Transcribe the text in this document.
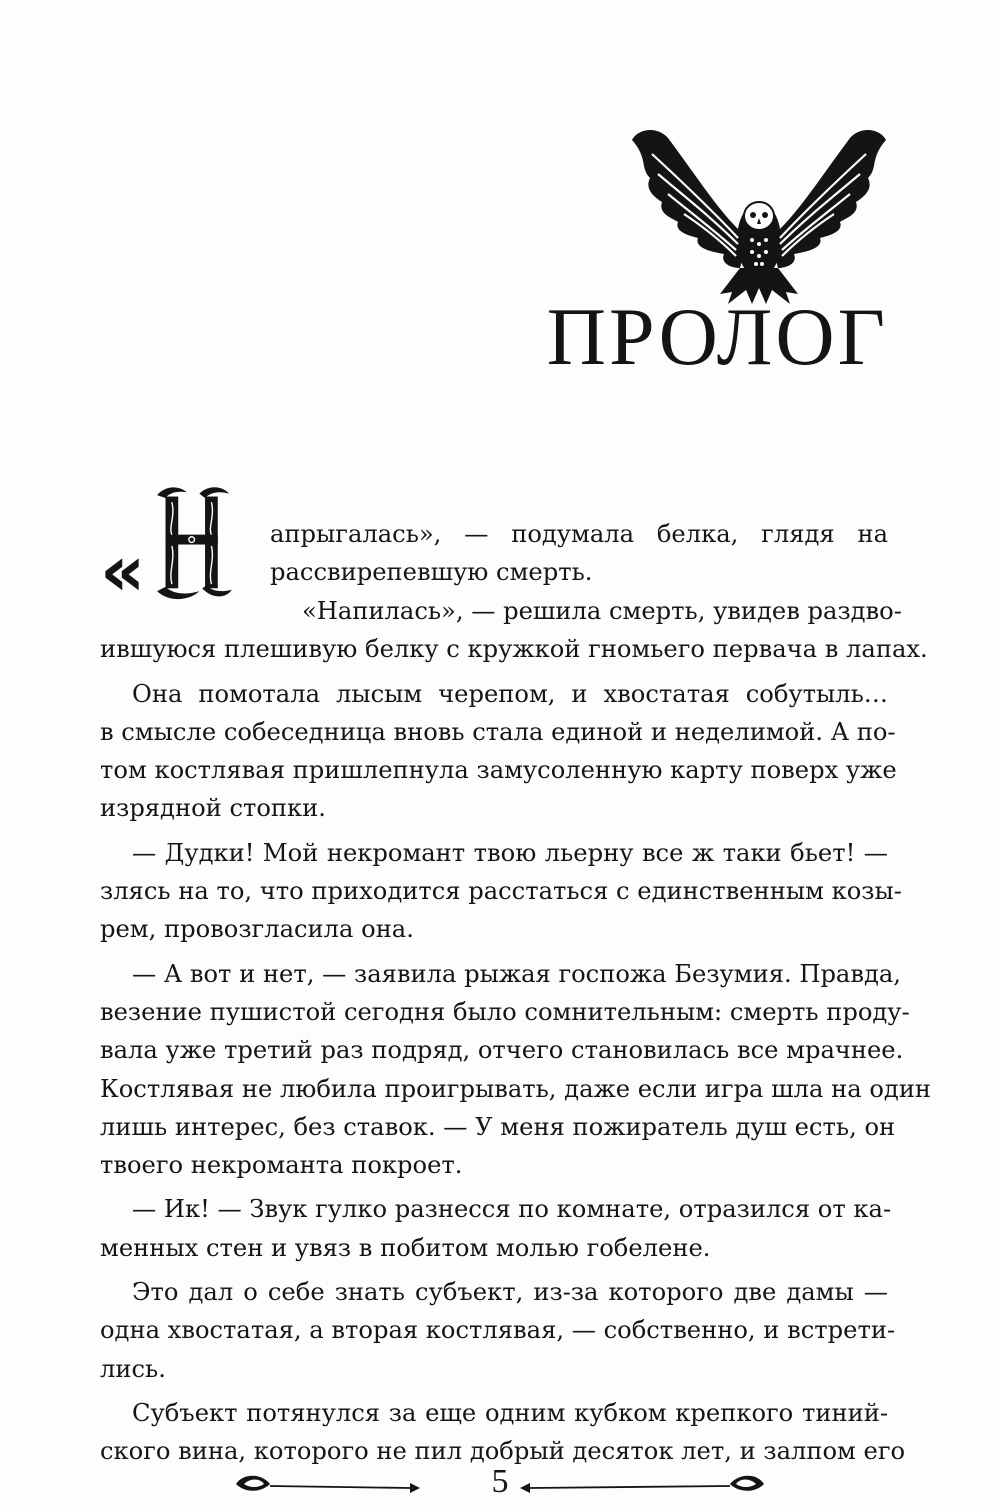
ПРОЛОГ
«
Н
апрыгалась», — подумала белка, глядя на
рассвирепевшую смерть.
«Напилась», — решила смерть, увидев раздво-
ившуюся плешивую белку с кружкой гномьего первача в лапах.
Она помотала лысым черепом, и хвостатая собутыль…
в смысле собеседница вновь стала единой и неделимой. А по-
том костлявая пришлепнула замусоленную карту поверх уже
изрядной стопки.
— Дудки! Мой некромант твою льерну все ж таки бьет! —
злясь на то, что приходится расстаться с единственным козы-
рем, провозгласила она.
— А вот и нет, — заявила рыжая госпожа Безумия. Правда,
везение пушистой сегодня было сомнительным: смерть проду-
вала уже третий раз подряд, отчего становилась все мрачнее.
Костлявая не любила проигрывать, даже если игра шла на один
лишь интерес, без ставок. — У меня пожиратель душ есть, он
твоего некроманта покроет.
— Ик! — Звук гулко разнесся по комнате, отразился от ка-
менных стен и увяз в побитом молью гобелене.
Это дал о себе знать субъект, из-за которого две дамы —
одна хвостатая, а вторая костлявая, — собственно, и встрети-
лись.
Субъект потянулся за еще одним кубком крепкого тиний-
ского вина, которого не пил добрый десяток лет, и залпом его
5
